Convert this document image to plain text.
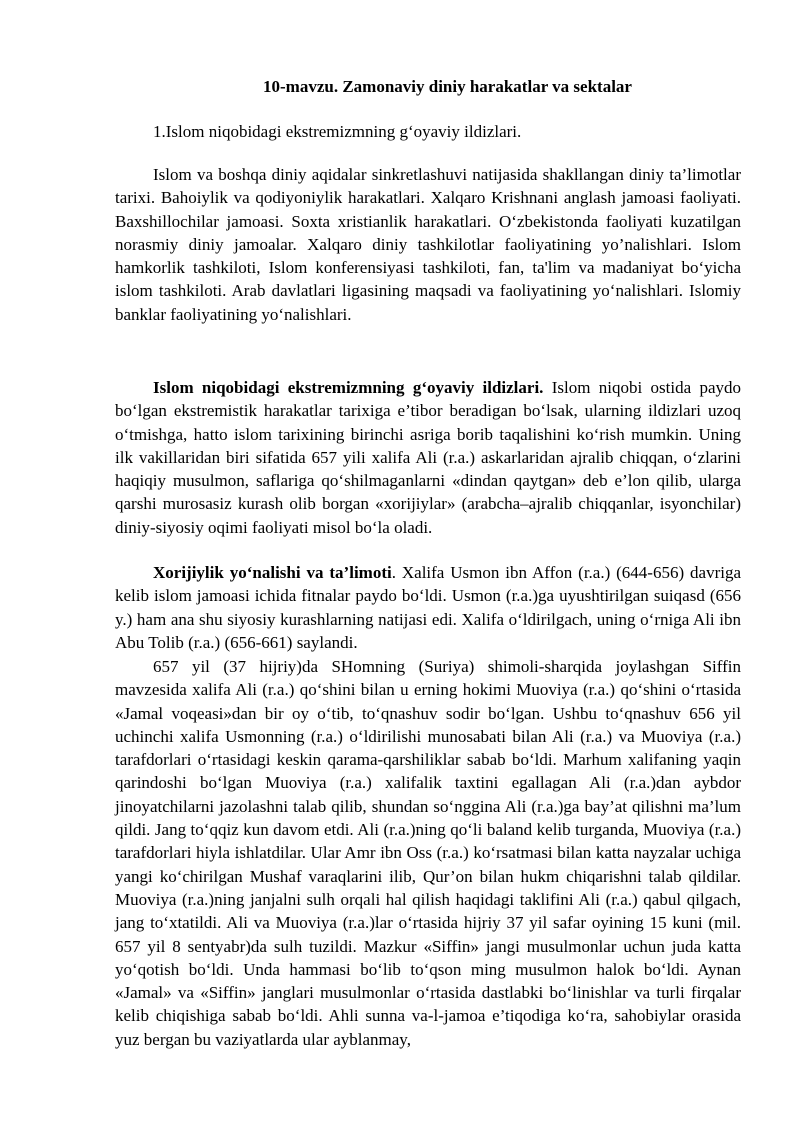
10-mavzu. Zamonaviy diniy harakatlar va sektalar
1.Islom niqobidagi ekstremizmning g‘oyaviy ildizlari.

Islom va boshqa diniy aqidalar sinkretlashuvi natijasida shakllangan diniy ta’limotlar tarixi. Bahoiylik va qodiyoniylik harakatlari. Xalqaro Krishnani anglash jamoasi faoliyati. Baxshillochilar jamoasi. Soxta xristianlik harakatlari. O‘zbekistonda faoliyati kuzatilgan norasmiy diniy jamoalar. Xalqaro diniy tashkilotlar faoliyatining yo’nalishlari. Islom hamkorlik tashkiloti, Islom konferensiyasi tashkiloti, fan, ta'lim va madaniyat bo‘yicha islom tashkiloti. Arab davlatlari ligasining maqsadi va faoliyatining yo‘nalishlari. Islomiy banklar faoliyatining yo‘nalishlari.

Islom niqobidagi ekstremizmning g‘oyaviy ildizlari. Islom niqobi ostida paydo bo‘lgan ekstremistik harakatlar tarixiga e’tibor beradigan bo‘lsak, ularning ildizlari uzoq o‘tmishga, hatto islom tarixining birinchi asriga borib taqalishini ko‘rish mumkin. Uning ilk vakillaridan biri sifatida 657 yili xalifa Ali (r.a.) askarlaridan ajralib chiqqan, o‘zlarini haqiqiy musulmon, saflariga qo‘shilmaganlarni «dindan qaytgan» deb e’lon qilib, ularga qarshi murosasiz kurash olib borgan «xorijiylar» (arabcha–ajralib chiqqanlar, isyonchilar) diniy-siyosiy oqimi faoliyati misol bo‘la oladi.

Xorijiylik yo‘nalishi va ta’limoti. Xalifa Usmon ibn Affon (r.a.) (644-656) davriga kelib islom jamoasi ichida fitnalar paydo bo‘ldi. Usmon (r.a.)ga uyushtirilgan suiqasd (656 y.) ham ana shu siyosiy kurashlarning natijasi edi. Xalifa o‘ldirilgach, uning o‘rniga Ali ibn Abu Tolib (r.a.) (656-661) saylandi.

657 yil (37 hijriy)da SHomning (Suriya) shimoli-sharqida joylashgan Siffin mavzesida xalifa Ali (r.a.) qo‘shini bilan u erning hokimi Muoviya (r.a.) qo‘shini o‘rtasida «Jamal voqeasi»dan bir oy o‘tib, to‘qnashuv sodir bo‘lgan. Ushbu to‘qnashuv 656 yil uchinchi xalifa Usmonning (r.a.) o‘ldirilishi munosabati bilan Ali (r.a.) va Muoviya (r.a.) tarafdorlari o‘rtasidagi keskin qarama-qarshiliklar sabab bo‘ldi. Marhum xalifaning yaqin qarindoshi bo‘lgan Muoviya (r.a.) xalifalik taxtini egallagan Ali (r.a.)dan aybdor jinoyatchilarni jazolashni talab qilib, shundan so‘nggina Ali (r.a.)ga bay’at qilishni ma’lum qildi. Jang to‘qqiz kun davom etdi. Ali (r.a.)ning qo‘li baland kelib turganda, Muoviya (r.a.) tarafdorlari hiyla ishlatdilar. Ular Amr ibn Oss (r.a.) ko‘rsatmasi bilan katta nayzalar uchiga yangi ko‘chirilgan Mushaf varaqlarini ilib, Qur’on bilan hukm chiqarishni talab qildilar. Muoviya (r.a.)ning janjalni sulh orqali hal qilish haqidagi taklifini Ali (r.a.) qabul qilgach, jang to‘xtatildi. Ali va Muoviya (r.a.)lar o‘rtasida hijriy 37 yil safar oyining 15 kuni (mil. 657 yil 8 sentyabr)da sulh tuzildi. Mazkur «Siffin» jangi musulmonlar uchun juda katta yo‘qotish bo‘ldi. Unda hammasi bo‘lib to‘qson ming musulmon halok bo‘ldi. Aynan «Jamal» va «Siffin» janglari musulmonlar o‘rtasida dastlabki bo‘linishlar va turli firqalar kelib chiqishiga sabab bo‘ldi. Ahli sunna va-l-jamoa e’tiqodiga ko‘ra, sahobiylar orasida yuz bergan bu vaziyatlarda ular ayblanmay,
